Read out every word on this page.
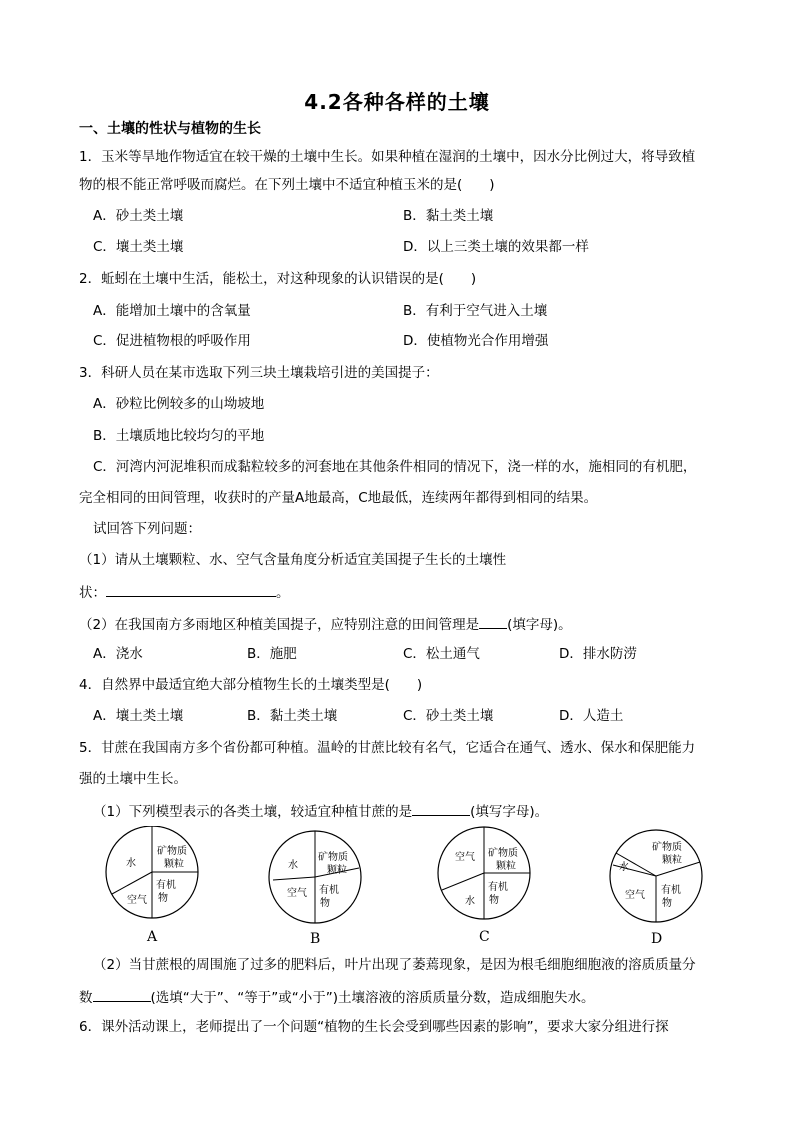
4.2各种各样的土壤
一、土壤的性状与植物的生长
1．玉米等旱地作物适宜在较干燥的土壤中生长。如果种植在湿润的土壤中，因水分比例过大，将导致植
物的根不能正常呼吸而腐烂。在下列土壤中不适宜种植玉米的是(　　)
A．砂土类土壤	B．黏土类土壤
C．壤土类土壤	D．以上三类土壤的效果都一样
2．蚯蚓在土壤中生活，能松土，对这种现象的认识错误的是(　　)
A．能增加土壤中的含氧量	B．有利于空气进入土壤
C．促进植物根的呼吸作用	D．使植物光合作用增强
3．科研人员在某市选取下列三块土壤栽培引进的美国提子：
A．砂粒比例较多的山坳坡地
B．土壤质地比较均匀的平地
C．河湾内河泥堆积而成黏粒较多的河套地在其他条件相同的情况下，浇一样的水，施相同的有机肥，
完全相同的田间管理，收获时的产量A地最高，C地最低，连续两年都得到相同的结果。
试回答下列问题：
（1）请从土壤颗粒、水、空气含量角度分析适宜美国提子生长的土壤性
状：	。
（2）在我国南方多雨地区种植美国提子，应特别注意的田间管理是 (填字母)。
A．浇水	B．施肥	C．松土通气	D．排水防涝
4．自然界中最适宜绝大部分植物生长的土壤类型是(　　)
A．壤土类土壤	B．黏土类土壤	C．砂土类土壤	D．人造土
5．甘蔗在我国南方多个省份都可种植。温岭的甘蔗比较有名气，它适合在通气、透水、保水和保肥能力
强的土壤中生长。
（1）下列模型表示的各类土壤，较适宜种植甘蔗的是	(填写字母)。
水
空气
矿物质
颗粒
有机
物
A
水
空气
矿物质
颗粒
有机
物
B
空气
水
矿物质
颗粒
有机
物
C
水
空气
矿物质
颗粒
有机
物
D
（2）当甘蔗根的周围施了过多的肥料后，叶片出现了萎蔫现象，是因为根毛细胞细胞液的溶质质量分
数	(选填“大于”、“等于”或“小于”)土壤溶液的溶质质量分数，造成细胞失水。
6．课外活动课上，老师提出了一个问题“植物的生长会受到哪些因素的影响”，要求大家分组进行探
